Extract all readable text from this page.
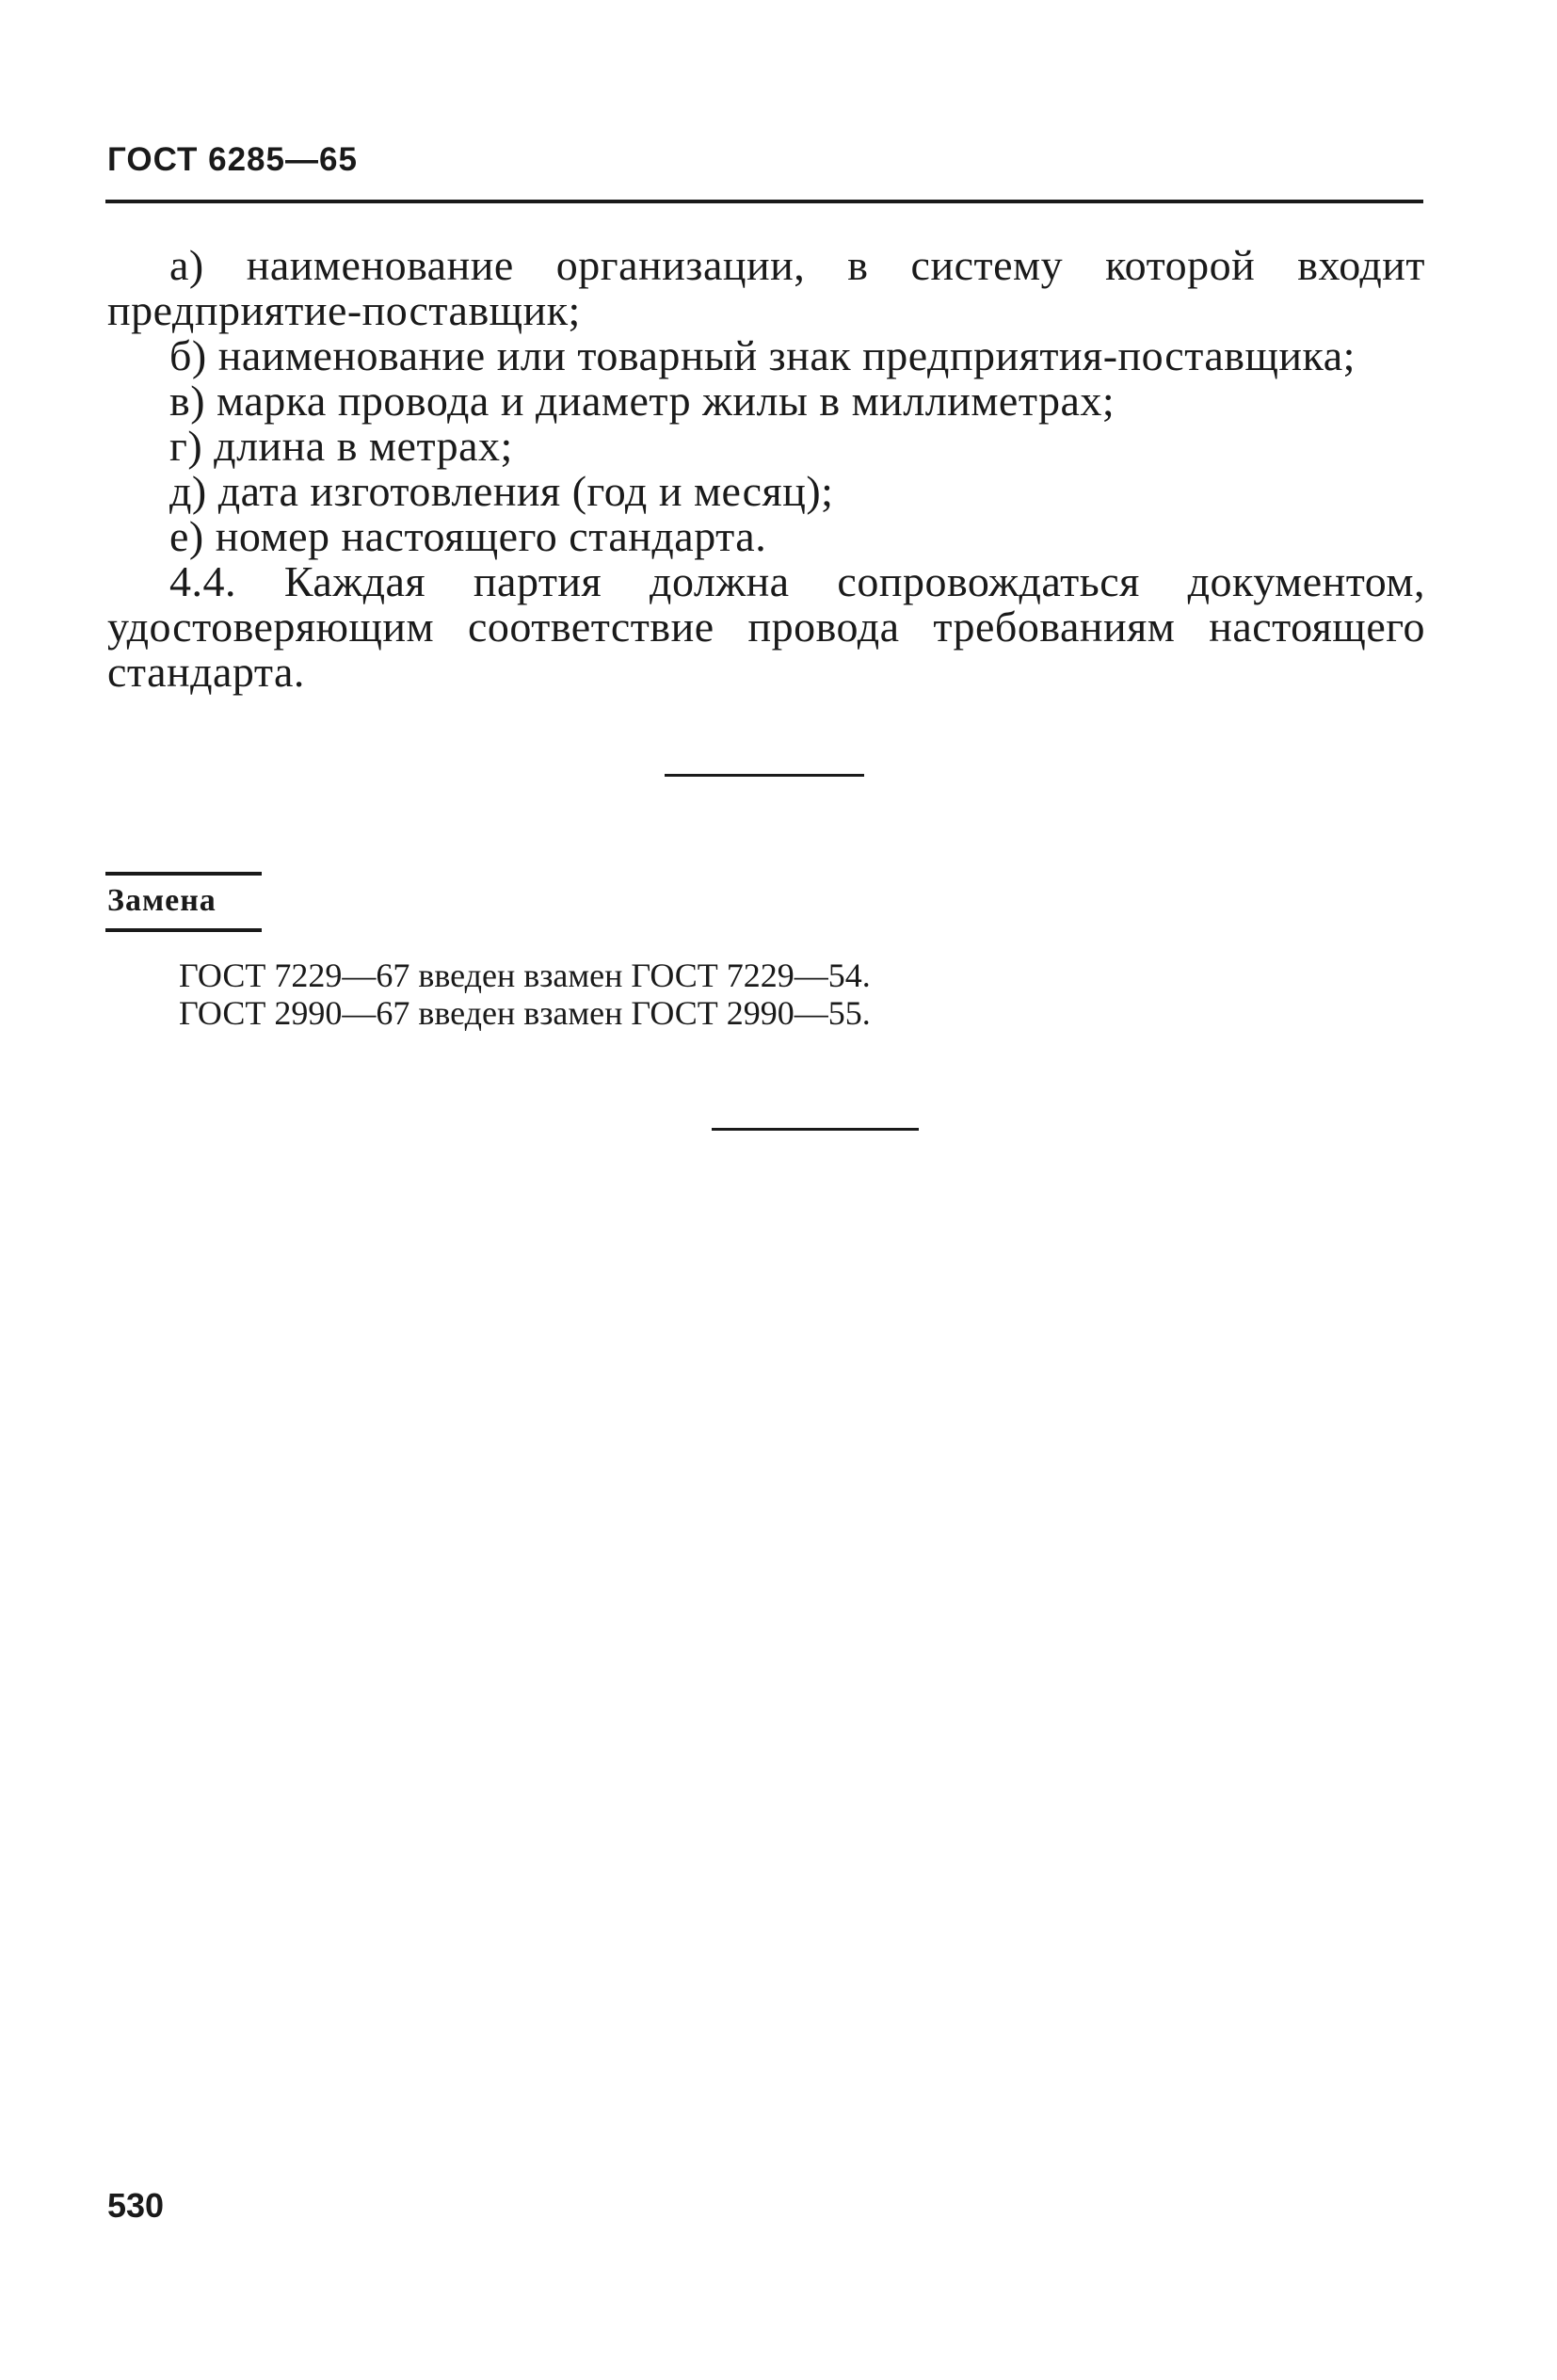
ГОСТ 6285—65

а) наименование организации, в систему которой входит предприятие-поставщик;

б) наименование или товарный знак предприятия-поставщика;

в) марка провода и диаметр жилы в миллиметрах;

г) длина в метрах;

д) дата изготовления (год и месяц);

е) номер настоящего стандарта.

4.4. Каждая партия должна сопровождаться документом, удостоверяющим соответствие провода требованиям настоящего стандарта.

Замена

ГОСТ 7229—67 введен взамен ГОСТ 7229—54.

ГОСТ 2990—67 введен взамен ГОСТ 2990—55.

530
